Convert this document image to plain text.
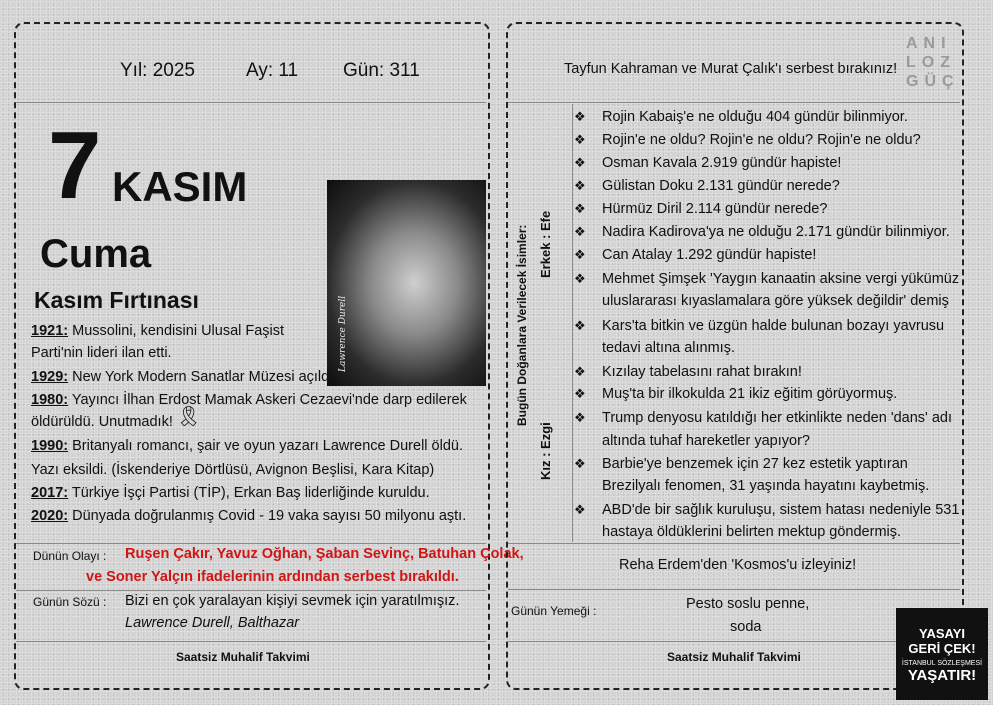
Yıl: 2025	Ay: 11 Gün: 311
7 KASIM
Cuma
Kasım Fırtınası	Lawrence Durell
1921: Mussolini, kendisini Ulusal Faşist
Parti'nin lideri ilan etti.
1929: New York Modern Sanatlar Müzesi açıldı.
1980: Yayıncı İlhan Erdost Mamak Askeri Cezaevi'nde darp edilerek
öldürüldü. Unutmadık!
1990: Britanyalı romancı, şair ve oyun yazarı Lawrence Durell öldü.
Yazı eksildi. (İskenderiye Dörtlüsü, Avignon Beşlisi, Kara Kitap)
2017: Türkiye İşçi Partisi (TİP), Erkan Baş liderliğinde kuruldu.
2020: Dünyada doğrulanmış Covid - 19 vaka sayısı 50 milyonu aştı.
🎗
Dünün Olayı : Ruşen Çakır, Yavuz Oğhan, Şaban Sevinç, Batuhan Çolak,
ve Soner Yalçın ifadelerinin ardından serbest bırakıldı.
Günün Sözü : Bizi en çok yaralayan kişiyi sevmek için yaratılmışız.
Lawrence Durell, Balthazar
Saatsiz Muhalif Takvimi
Tayfun Kahraman ve Murat Çalık'ı serbest bırakınız!
Bugün Doğanlara Verilecek İsimler: Erkek : Efe
Kız : Ezgi
❖ Rojin Kabaiş'e ne olduğu 404 gündür bilinmiyor.
❖ Rojin'e ne oldu? Rojin'e ne oldu? Rojin'e ne oldu?
❖ Osman Kavala 2.919 gündür hapiste!
❖ Gülistan Doku 2.131 gündür nerede?
❖ Hürmüz Diril 2.114 gündür nerede?
❖ Nadira Kadirova'ya ne olduğu 2.171 gündür bilinmiyor.
❖ Can Atalay 1.292 gündür hapiste!
❖ Mehmet Şimşek 'Yaygın kanaatin aksine vergi yükümüz
uluslararası kıyaslamalara göre yüksek değildir' demiş
❖ Kars'ta bitkin ve üzgün halde bulunan bozayı yavrusu
tedavi altına alınmış.
❖ Kızılay tabelasını rahat bırakın!
❖ Muş'ta bir ilkokulda 21 ikiz eğitim görüyormuş.
❖ Trump denyosu katıldığı her etkinlikte neden 'dans' adı
altında tuhaf hareketler yapıyor?
❖ Barbie'ye benzemek için 27 kez estetik yaptıran
Brezilyalı fenomen, 31 yaşında hayatını kaybetmiş.
❖ ABD'de bir sağlık kuruluşu, sistem hatası nedeniyle 531
hastaya öldüklerini belirten mektup göndermiş.
Reha Erdem'den 'Kosmos'u izleyiniz!
Günün Yemeği :	Pesto soslu penne,
soda
Saatsiz Muhalif Takvimi
ANI
LOZ
GÜÇ
YASAYI
GERİ ÇEK!
İSTANBUL SÖZLEŞMESİ
YAŞATIR!
